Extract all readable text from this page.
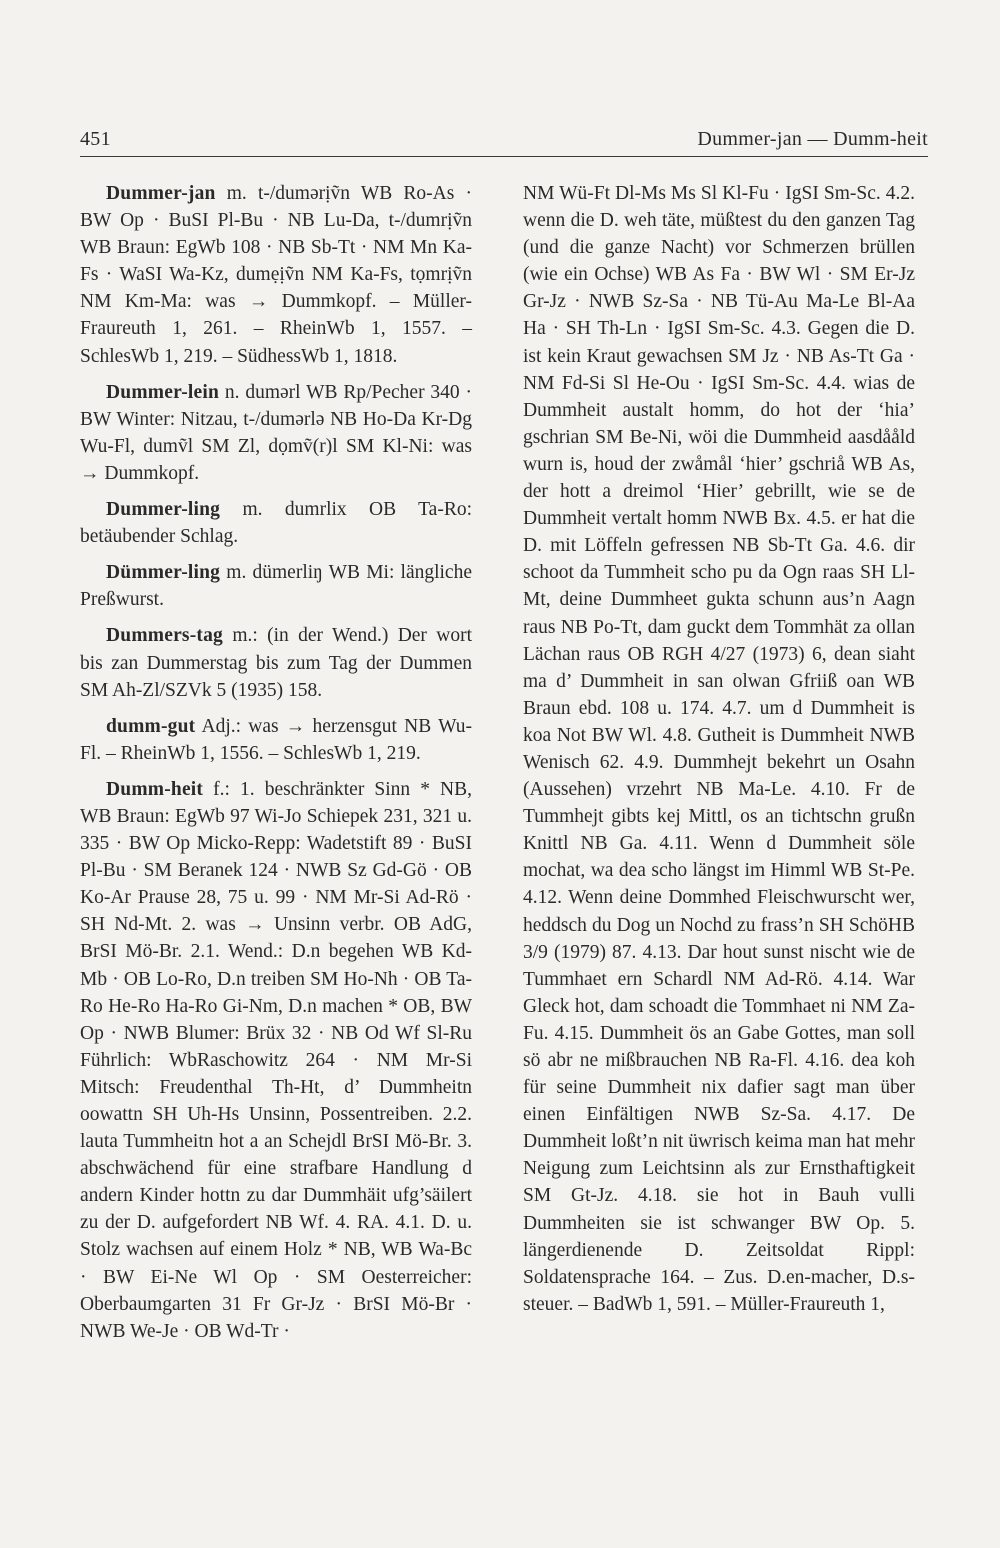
451	Dummer-jan — Dumm-heit

Dummer-jan m. t-/dumərịṽn WB Ro-As · BW Op · BuSI Pl-Bu · NB Lu-Da, t-/dumrịṽn WB Braun: EgWb 108 · NB Sb-Tt · NM Mn Ka-Fs · WaSI Wa-Kz, dumẹịṽn NM Ka-Fs, tọmrịṽn NM Km-Ma: was → Dummkopf. – Müller-Fraureuth 1, 261. – RheinWb 1, 1557. – SchlesWb 1, 219. – SüdhessWb 1, 1818.

Dummer-lein n. dumərl WB Rp/Pecher 340 · BW Winter: Nitzau, t-/dumərlə NB Ho-Da Kr-Dg Wu-Fl, dumṽl SM Zl, dọmṽ(r)l SM Kl-Ni: was → Dummkopf.

Dummer-ling m. dumrlix OB Ta-Ro: betäubender Schlag.

Dümmer-ling m. dümerliŋ WB Mi: längliche Preßwurst.

Dummers-tag m.: (in der Wend.) Der wort bis zan Dummerstag bis zum Tag der Dummen SM Ah-Zl/SZVk 5 (1935) 158.

dumm-gut Adj.: was → herzensgut NB Wu-Fl. – RheinWb 1, 1556. – SchlesWb 1, 219.

Dumm-heit f.: 1. beschränkter Sinn * NB, WB Braun: EgWb 97 Wi-Jo Schiepek 231, 321 u. 335 · BW Op Micko-Repp: Wadetstift 89 · BuSI Pl-Bu · SM Beranek 124 · NWB Sz Gd-Gö · OB Ko-Ar Prause 28, 75 u. 99 · NM Mr-Si Ad-Rö · SH Nd-Mt. 2. was → Unsinn verbr. OB AdG, BrSI Mö-Br. 2.1. Wend.: D.n begehen WB Kd-Mb · OB Lo-Ro, D.n treiben SM Ho-Nh · OB Ta-Ro He-Ro Ha-Ro Gi-Nm, D.n machen * OB, BW Op · NWB Blumer: Brüx 32 · NB Od Wf Sl-Ru Führlich: WbRaschowitz 264 · NM Mr-Si Mitsch: Freudenthal Th-Ht, d’ Dummheitn oowattn SH Uh-Hs Unsinn, Possentreiben. 2.2. lauta Tummheitn hot a an Schejdl BrSI Mö-Br. 3. abschwächend für eine strafbare Handlung d andern Kinder hottn zu dar Dummhäit ufg’säilert zu der D. aufgefordert NB Wf. 4. RA. 4.1. D. u. Stolz wachsen auf einem Holz * NB, WB Wa-Bc · BW Ei-Ne Wl Op · SM Oesterreicher: Oberbaumgarten 31 Fr Gr-Jz · BrSI Mö-Br · NWB We-Je · OB Wd-Tr ·

NM Wü-Ft Dl-Ms Ms Sl Kl-Fu · IgSI Sm-Sc. 4.2. wenn die D. weh täte, müßtest du den ganzen Tag (und die ganze Nacht) vor Schmerzen brüllen (wie ein Ochse) WB As Fa · BW Wl · SM Er-Jz Gr-Jz · NWB Sz-Sa · NB Tü-Au Ma-Le Bl-Aa Ha · SH Th-Ln · IgSI Sm-Sc. 4.3. Gegen die D. ist kein Kraut gewachsen SM Jz · NB As-Tt Ga · NM Fd-Si Sl He-Ou · IgSI Sm-Sc. 4.4. wias de Dummheit austalt homm, do hot der ‘hia’ gschrian SM Be-Ni, wöi die Dummheid aasdååld wurn is, houd der zwåmål ‘hier’ gschriå WB As, der hott a dreimol ‘Hier’ gebrillt, wie se de Dummheit vertalt homm NWB Bx. 4.5. er hat die D. mit Löffeln gefressen NB Sb-Tt Ga. 4.6. dir schoot da Tummheit scho pu da Ogn raas SH Ll-Mt, deine Dummheet gukta schunn aus’n Aagn raus NB Po-Tt, dam guckt dem Tommhät za ollan Lächan raus OB RGH 4/27 (1973) 6, dean siaht ma d’ Dummheit in san olwan Gfriiß oan WB Braun ebd. 108 u. 174. 4.7. um d Dummheit is koa Not BW Wl. 4.8. Gutheit is Dummheit NWB Wenisch 62. 4.9. Dummhejt bekehrt un Osahn (Aussehen) vrzehrt NB Ma-Le. 4.10. Fr de Tummhejt gibts kej Mittl, os an tichtschn grußn Knittl NB Ga. 4.11. Wenn d Dummheit söle mochat, wa dea scho längst im Himml WB St-Pe. 4.12. Wenn deine Dommhed Fleischwurscht wer, heddsch du Dog un Nochd zu frass’n SH SchöHB 3/9 (1979) 87. 4.13. Dar hout sunst nischt wie de Tummhaet ern Schardl NM Ad-Rö. 4.14. War Gleck hot, dam schoadt die Tommhaet ni NM Za-Fu. 4.15. Dummheit ös an Gabe Gottes, man soll sö abr ne mißbrauchen NB Ra-Fl. 4.16. dea koh für seine Dummheit nix dafier sagt man über einen Einfältigen NWB Sz-Sa. 4.17. De Dummheit loßt’n nit üwrisch keima man hat mehr Neigung zum Leichtsinn als zur Ernsthaftigkeit SM Gt-Jz. 4.18. sie hot in Bauh vulli Dummheiten sie ist schwanger BW Op. 5. längerdienende D. Zeitsoldat Rippl: Soldatensprache 164. – Zus. D.en-macher, D.s-steuer. – BadWb 1, 591. – Müller-Fraureuth 1,
